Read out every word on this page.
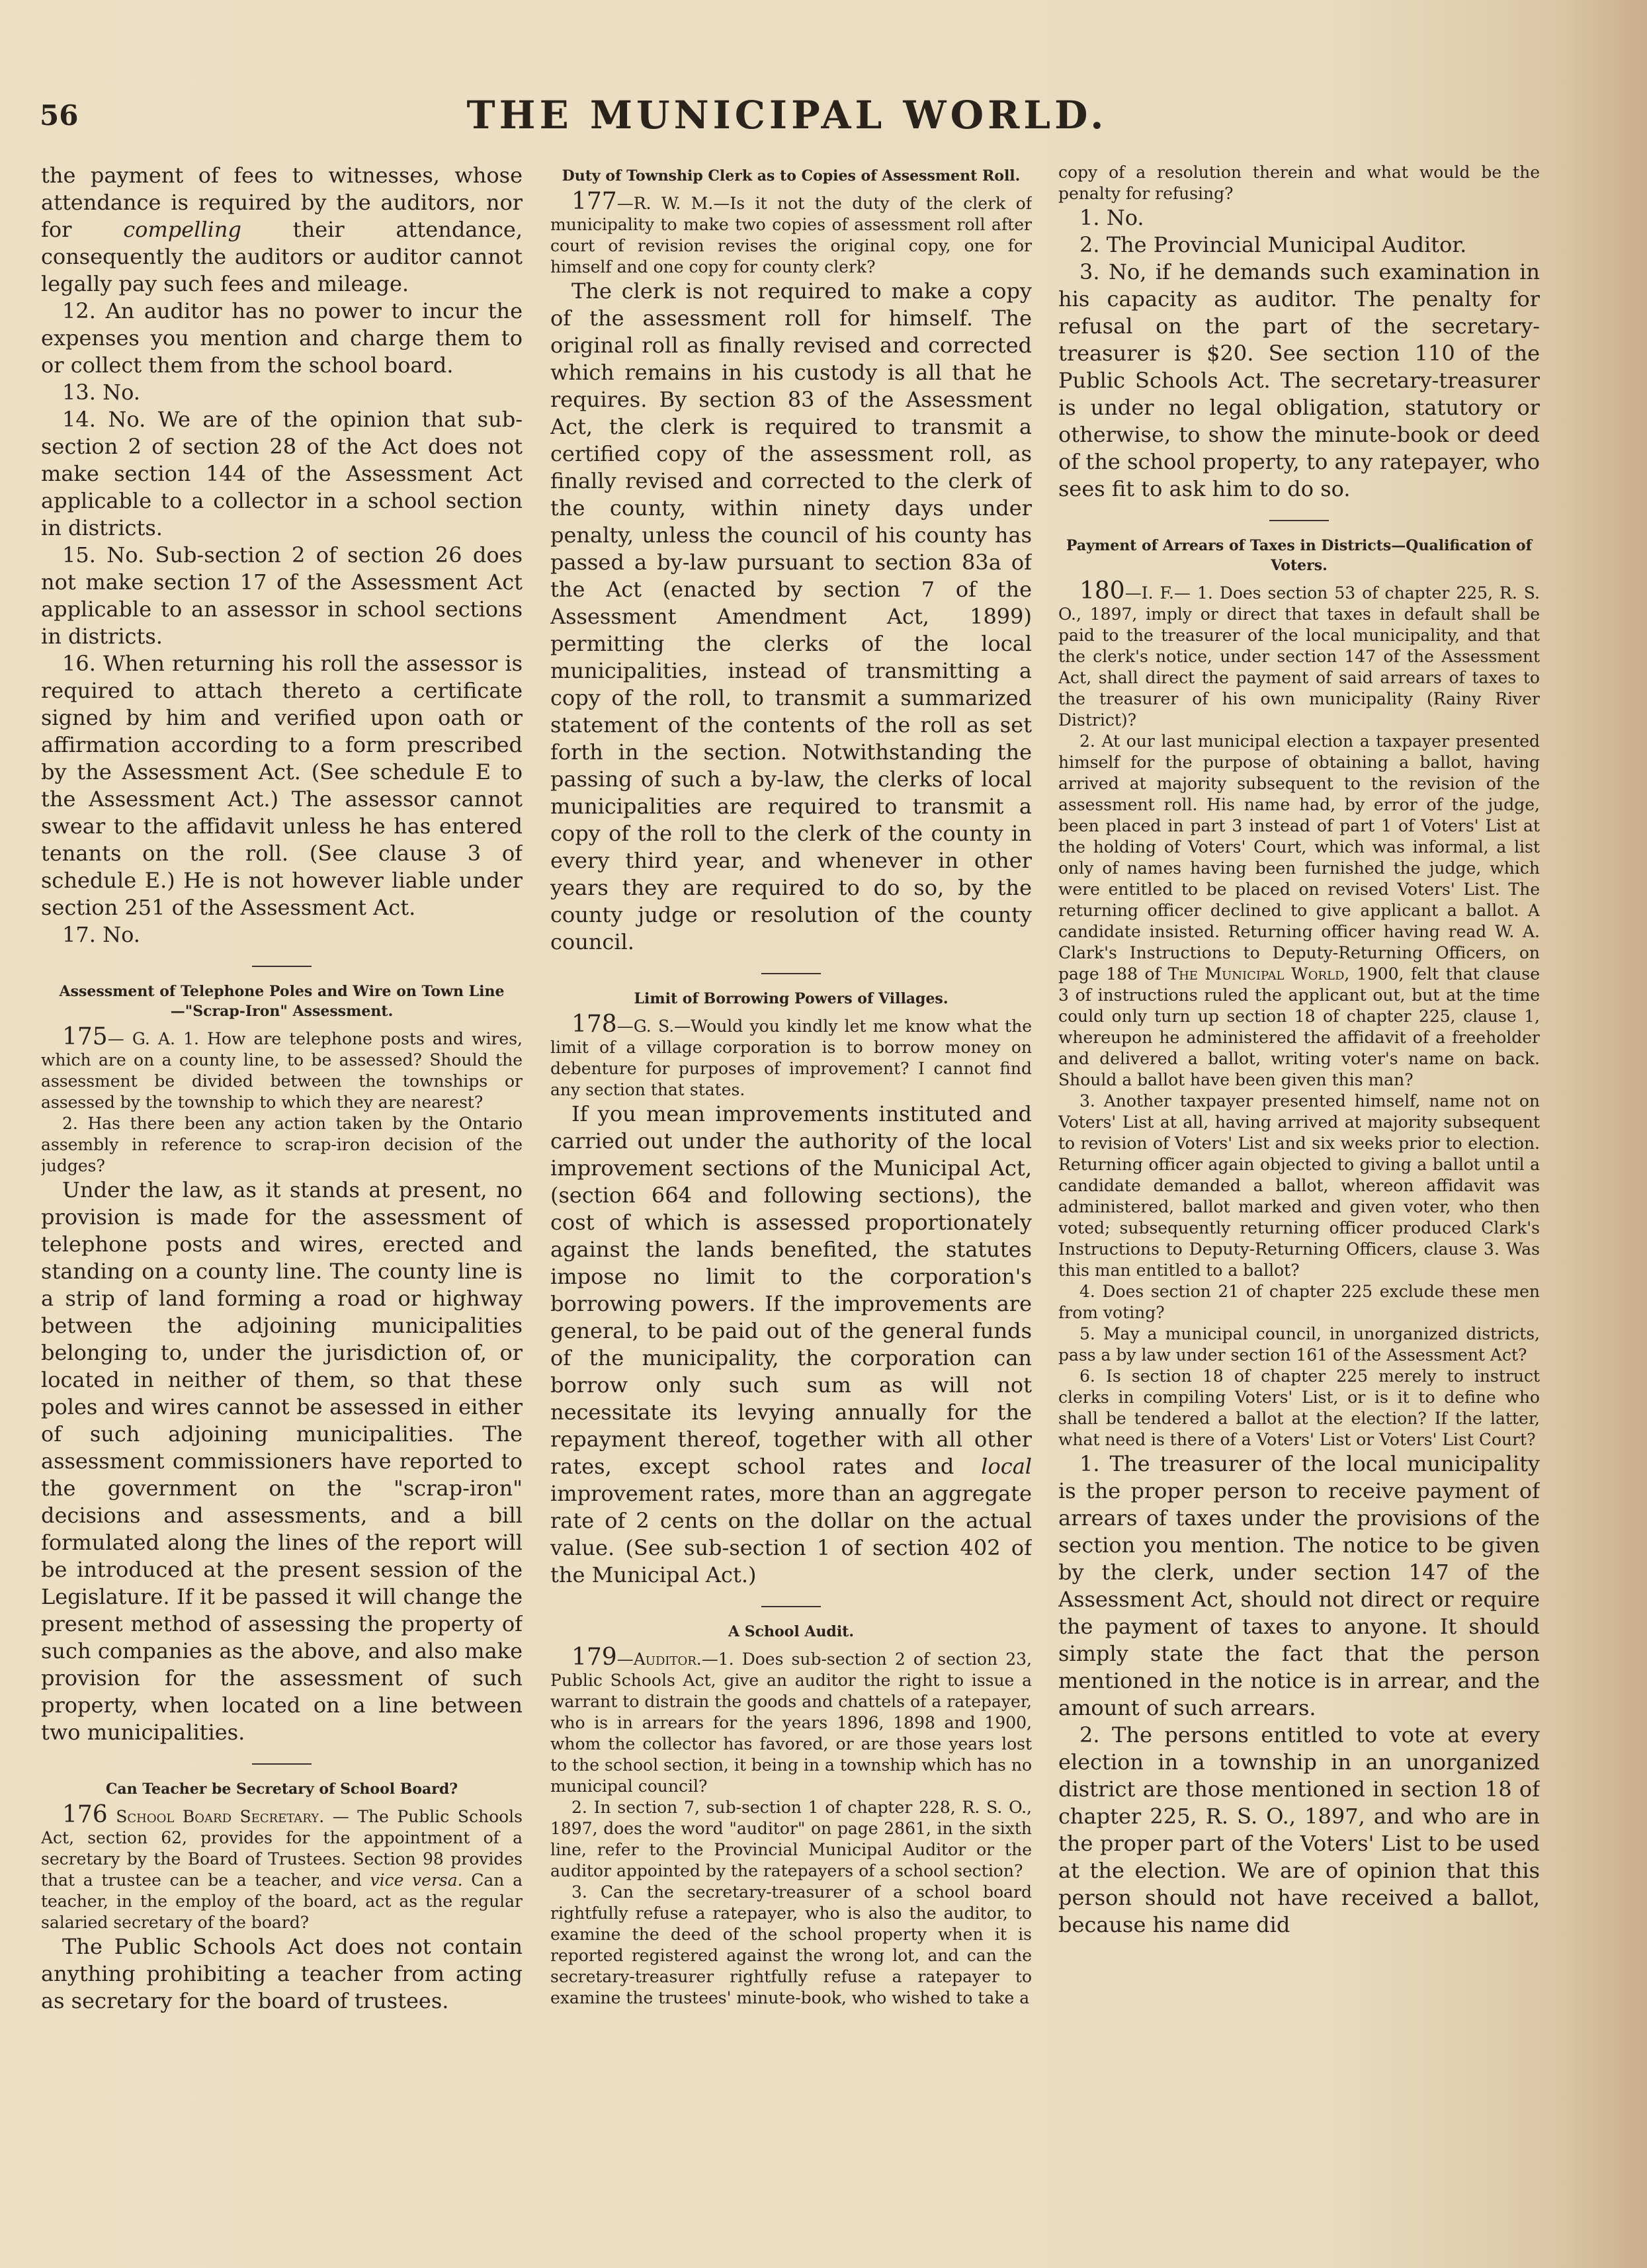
56	THE MUNICIPAL WORLD.

the payment of fees to witnesses, whose attendance is required by the auditors, nor for compelling their attendance, consequently the auditors or auditor cannot legally pay such fees and mileage.

12. An auditor has no power to incur the expenses you mention and charge them to or collect them from the school board.

13. No.

14. No. We are of the opinion that sub-section 2 of section 28 of the Act does not make section 144 of the Assessment Act applicable to a collector in a school section in districts.

15. No. Sub-section 2 of section 26 does not make section 17 of the Assessment Act applicable to an assessor in school sections in districts.

16. When returning his roll the assessor is required to attach thereto a certificate signed by him and verified upon oath or affirmation according to a form prescribed by the Assessment Act. (See schedule E to the Assessment Act.) The assessor cannot swear to the affidavit unless he has entered tenants on the roll. (See clause 3 of schedule E.) He is not however liable under section 251 of the Assessment Act.

17. No.

Assessment of Telephone Poles and Wire on Town Line —"Scrap-Iron" Assessment.

175— G. A. 1. How are telephone posts and wires, which are on a county line, to be assessed? Should the assessment be divided between the townships or assessed by the township to which they are nearest?

2. Has there been any action taken by the Ontario assembly in reference to scrap-iron decision of the judges?

Under the law, as it stands at present, no provision is made for the assessment of telephone posts and wires, erected and standing on a county line. The county line is a strip of land forming a road or highway between the adjoining municipalities belonging to, under the jurisdiction of, or located in neither of them, so that these poles and wires cannot be assessed in either of such adjoining municipalities. The assessment commissioners have reported to the government on the "scrap-iron" decisions and assessments, and a bill formulated along the lines of the report will be introduced at the present session of the Legislature. If it be passed it will change the present method of assessing the property of such companies as the above, and also make provision for the assessment of such property, when located on a line between two municipalities.

Can Teacher be Secretary of School Board?

176 School Board Secretary. — The Public Schools Act, section 62, provides for the appointment of a secretary by the Board of Trustees. Section 98 provides that a trustee can be a teacher, and vice versa. Can a teacher, in the employ of the board, act as the regular salaried secretary of the board?

The Public Schools Act does not contain anything prohibiting a teacher from acting as secretary for the board of trustees.

Duty of Township Clerk as to Copies of Assessment Roll.

177—R. W. M.—Is it not the duty of the clerk of municipality to make two copies of assessment roll after court of revision revises the original copy, one for himself and one copy for county clerk?

The clerk is not required to make a copy of the assessment roll for himself. The original roll as finally revised and corrected which remains in his custody is all that he requires. By section 83 of the Assessment Act, the clerk is required to transmit a certified copy of the assessment roll, as finally revised and corrected to the clerk of the county, within ninety days under penalty, unless the council of his county has passed a by-law pursuant to section 83a of the Act (enacted by section 7 of the Assessment Amendment Act, 1899) permitting the clerks of the local municipalities, instead of transmitting a copy of the roll, to transmit a summarized statement of the contents of the roll as set forth in the section. Notwithstanding the passing of such a by-law, the clerks of local municipalities are required to transmit a copy of the roll to the clerk of the county in every third year, and whenever in other years they are required to do so, by the county judge or resolution of the county council.

Limit of Borrowing Powers of Villages.

178—G. S.—Would you kindly let me know what the limit of a village corporation is to borrow money on debenture for purposes of improvement? I cannot find any section that states.

If you mean improvements instituted and carried out under the authority of the local improvement sections of the Municipal Act, (section 664 and following sections), the cost of which is assessed proportionately against the lands benefited, the statutes impose no limit to the corporation's borrowing powers. If the improvements are general, to be paid out of the general funds of the municipality, the corporation can borrow only such sum as will not necessitate its levying annually for the repayment thereof, together with all other rates, except school rates and local improvement rates, more than an aggregate rate of 2 cents on the dollar on the actual value. (See sub-section 1 of section 402 of the Municipal Act.)

A School Audit.

179—Auditor.—1. Does sub-section 2 of section 23, Public Schools Act, give an auditor the right to issue a warrant to distrain the goods and chattels of a ratepayer, who is in arrears for the years 1896, 1898 and 1900, whom the collector has favored, or are those years lost to the school section, it being in a township which has no municipal council?

2. In section 7, sub-section 1 of chapter 228, R. S. O., 1897, does the word "auditor" on page 2861, in the sixth line, refer to the Provincial Municipal Auditor or the auditor appointed by the ratepayers of a school section?

3. Can the secretary-treasurer of a school board rightfully refuse a ratepayer, who is also the auditor, to examine the deed of the school property when it is reported registered against the wrong lot, and can the secretary-treasurer rightfully refuse a ratepayer to examine the trustees' minute-book, who wished to take a

copy of a resolution therein and what would be the penalty for refusing?

1. No.

2. The Provincial Municipal Auditor.

3. No, if he demands such examination in his capacity as auditor. The penalty for refusal on the part of the secretary-treasurer is $20. See section 110 of the Public Schools Act. The secretary-treasurer is under no legal obligation, statutory or otherwise, to show the minute-book or deed of the school property, to any ratepayer, who sees fit to ask him to do so.

Payment of Arrears of Taxes in Districts—Qualification of Voters.

180—I. F.— 1. Does section 53 of chapter 225, R. S. O., 1897, imply or direct that taxes in default shall be paid to the treasurer of the local municipality, and that the clerk's notice, under section 147 of the Assessment Act, shall direct the payment of said arrears of taxes to the treasurer of his own municipality (Rainy River District)?

2. At our last municipal election a taxpayer presented himself for the purpose of obtaining a ballot, having arrived at majority subsequent to the revision of the assessment roll. His name had, by error of the judge, been placed in part 3 instead of part 1 of Voters' List at the holding of Voters' Court, which was informal, a list only of names having been furnished the judge, which were entitled to be placed on revised Voters' List. The returning officer declined to give applicant a ballot. A candidate insisted. Returning officer having read W. A. Clark's Instructions to Deputy-Returning Officers, on page 188 of The Municipal World, 1900, felt that clause 3 of instructions ruled the applicant out, but at the time could only turn up section 18 of chapter 225, clause 1, whereupon he administered the affidavit of a freeholder and delivered a ballot, writing voter's name on back. Should a ballot have been given this man?

3. Another taxpayer presented himself, name not on Voters' List at all, having arrived at majority subsequent to revision of Voters' List and six weeks prior to election. Returning officer again objected to giving a ballot until a candidate demanded a ballot, whereon affidavit was administered, ballot marked and given voter, who then voted; subsequently returning officer produced Clark's Instructions to Deputy-Returning Officers, clause 3. Was this man entitled to a ballot?

4. Does section 21 of chapter 225 exclude these men from voting?

5. May a municipal council, in unorganized districts, pass a by law under section 161 of the Assessment Act?

6. Is section 18 of chapter 225 merely to instruct clerks in compiling Voters' List, or is it to define who shall be tendered a ballot at the election? If the latter, what need is there of a Voters' List or Voters' List Court?

1. The treasurer of the local municipality is the proper person to receive payment of arrears of taxes under the provisions of the section you mention. The notice to be given by the clerk, under section 147 of the Assessment Act, should not direct or require the payment of taxes to anyone. It should simply state the fact that the person mentioned in the notice is in arrear, and the amount of such arrears.

2. The persons entitled to vote at every election in a township in an unorganized district are those mentioned in section 18 of chapter 225, R. S. O., 1897, and who are in the proper part of the Voters' List to be used at the election. We are of opinion that this person should not have received a ballot, because his name did
